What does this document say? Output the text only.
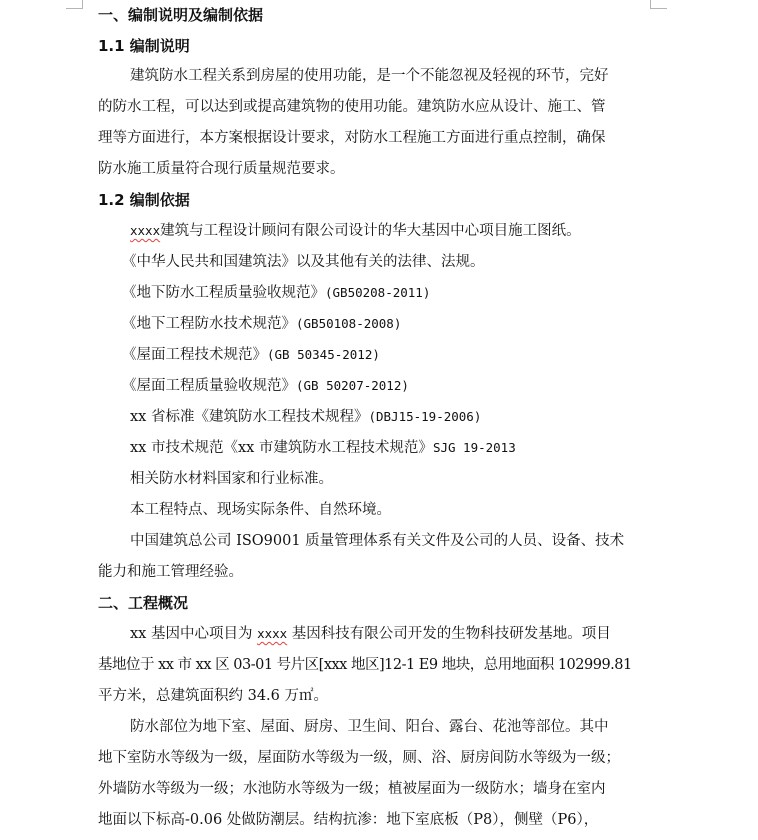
一、编制说明及编制依据
1.1 编制说明
建筑防水工程关系到房屋的使用功能，是一个不能忽视及轻视的环节，完好
的防水工程，可以达到或提高建筑物的使用功能。建筑防水应从设计、施工、管
理等方面进行，本方案根据设计要求，对防水工程施工方面进行重点控制，确保
防水施工质量符合现行质量规范要求。
1.2 编制依据
xxxx建筑与工程设计顾问有限公司设计的华大基因中心项目施工图纸。
《中华人民共和国建筑法》以及其他有关的法律、法规。
《地下防水工程质量验收规范》(GB50208-2011)
《地下工程防水技术规范》(GB50108-2008)
《屋面工程技术规范》(GB 50345-2012)
《屋面工程质量验收规范》(GB 50207-2012)
xx 省标准《建筑防水工程技术规程》(DBJ15-19-2006)
xx 市技术规范《xx 市建筑防水工程技术规范》SJG 19-2013
相关防水材料国家和行业标准。
本工程特点、现场实际条件、自然环境。
中国建筑总公司 ISO9001 质量管理体系有关文件及公司的人员、设备、技术
能力和施工管理经验。
二、工程概况
xx 基因中心项目为 xxxx 基因科技有限公司开发的生物科技研发基地。项目
基地位于 xx 市 xx 区 03-01 号片区[xxx 地区]12-1 E9 地块，总用地面积 102999.81
平方米，总建筑面积约 34.6 万㎡。
防水部位为地下室、屋面、厨房、卫生间、阳台、露台、花池等部位。其中
地下室防水等级为一级，屋面防水等级为一级，厕、浴、厨房间防水等级为一级；
外墙防水等级为一级；水池防水等级为一级；植被屋面为一级防水；墙身在室内
地面以下标高-0.06 处做防潮层。结构抗渗：地下室底板（P8），侧壁（P6），
